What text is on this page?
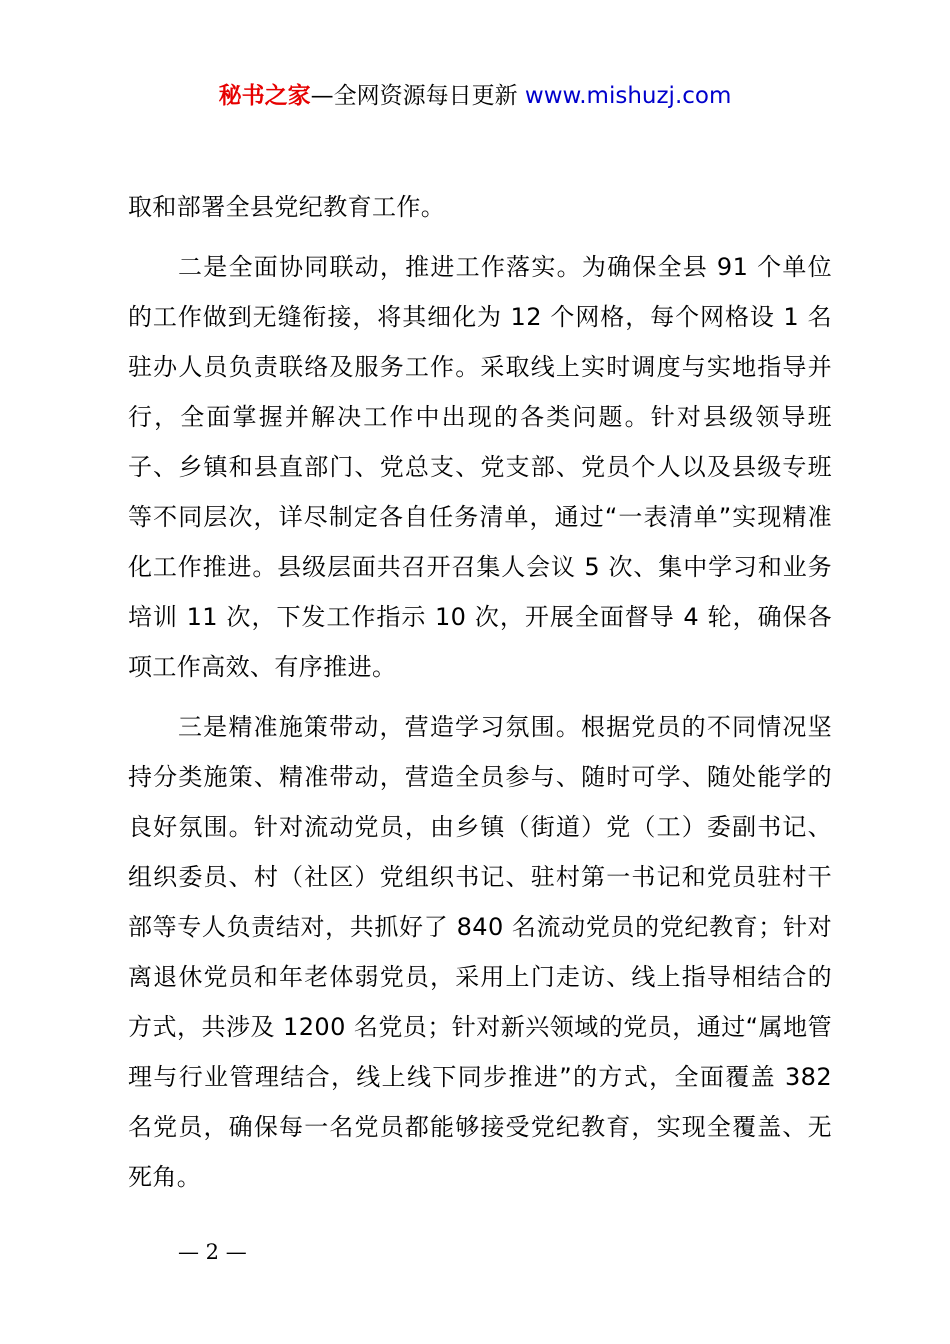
秘书之家—全网资源每日更新 www.mishuzj.com

取和部署全县党纪教育工作。

二是全面协同联动，推进工作落实。为确保全县 91 个单位的工作做到无缝衔接，将其细化为 12 个网格，每个网格设 1 名驻办人员负责联络及服务工作。采取线上实时调度与实地指导并行，全面掌握并解决工作中出现的各类问题。针对县级领导班子、乡镇和县直部门、党总支、党支部、党员个人以及县级专班等不同层次，详尽制定各自任务清单，通过“一表清单”实现精准化工作推进。县级层面共召开召集人会议 5 次、集中学习和业务培训 11 次，下发工作指示 10 次，开展全面督导 4 轮，确保各项工作高效、有序推进。

三是精准施策带动，营造学习氛围。根据党员的不同情况坚持分类施策、精准带动，营造全员参与、随时可学、随处能学的良好氛围。针对流动党员，由乡镇（街道）党（工）委副书记、组织委员、村（社区）党组织书记、驻村第一书记和党员驻村干部等专人负责结对，共抓好了 840 名流动党员的党纪教育；针对离退休党员和年老体弱党员，采用上门走访、线上指导相结合的方式，共涉及 1200 名党员；针对新兴领域的党员，通过“属地管理与行业管理结合，线上线下同步推进”的方式，全面覆盖 382 名党员，确保每一名党员都能够接受党纪教育，实现全覆盖、无死角。

— 2 —
